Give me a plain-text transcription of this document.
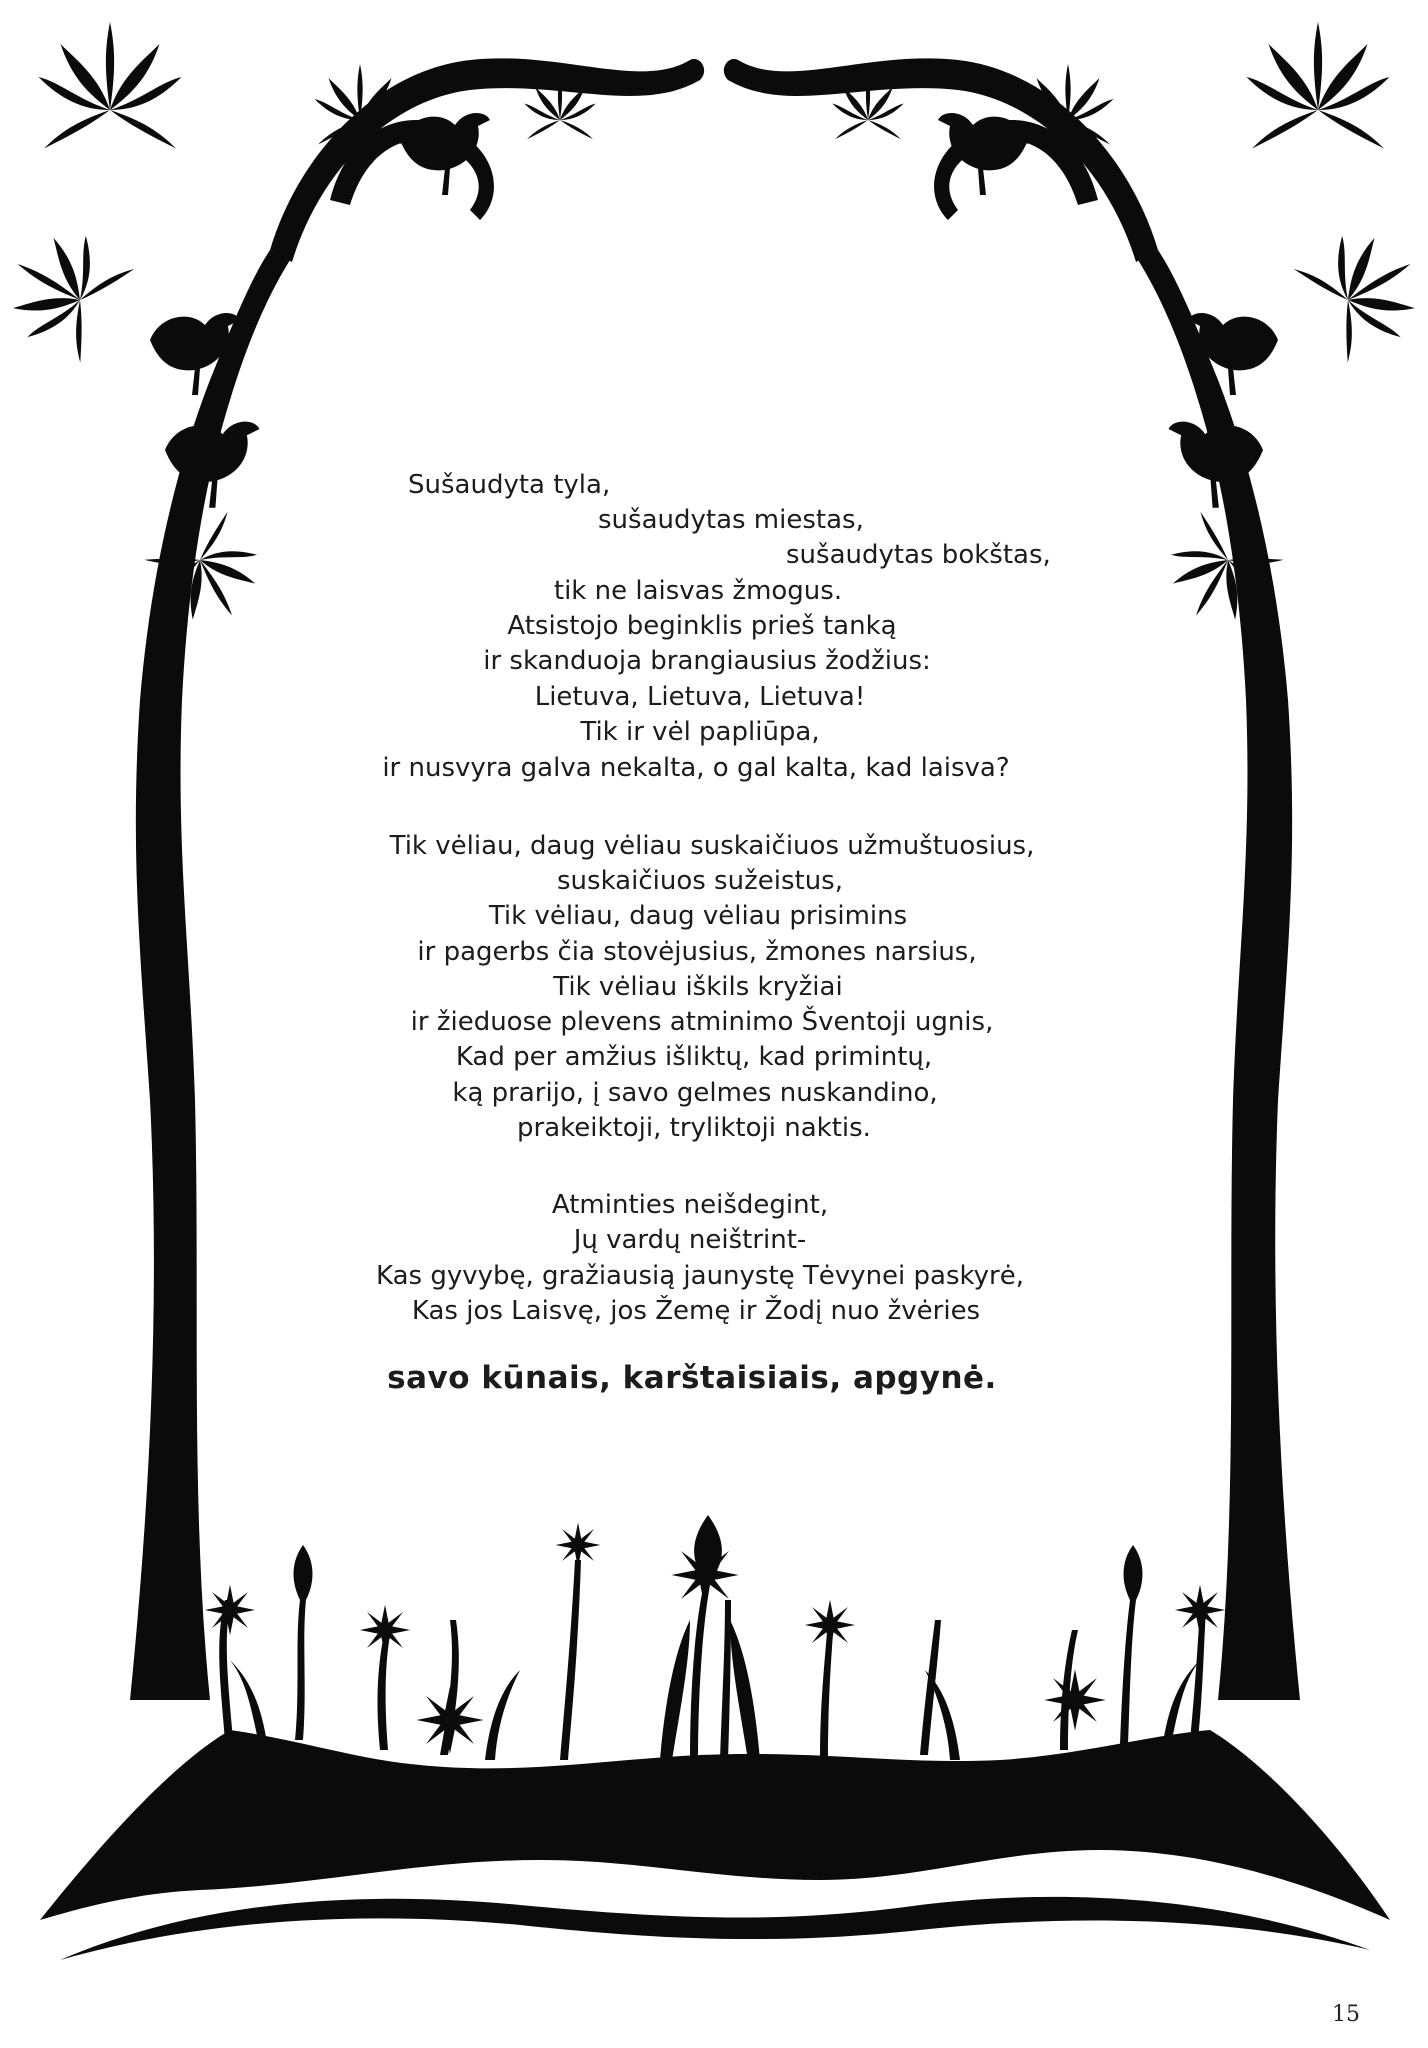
Sušaudyta tyla,
sušaudytas miestas,
sušaudytas bokštas,
tik ne laisvas žmogus.
Atsistojo beginklis prieš tanką
ir skanduoja brangiausius žodžius:
Lietuva, Lietuva, Lietuva!
Tik ir vėl papliūpa,
ir nusvyra galva nekalta, o gal kalta, kad laisva?
Tik vėliau, daug vėliau suskaičiuos užmuštuosius,
suskaičiuos sužeistus,
Tik vėliau, daug vėliau prisimins
ir pagerbs čia stovėjusius, žmones narsius,
Tik vėliau iškils kryžiai
ir žieduose plevens atminimo Šventoji ugnis,
Kad per amžius išliktų, kad primintų,
ką prarijo, į savo gelmes nuskandino,
prakeiktoji, tryliktoji naktis.
Atminties neišdegint,
Jų vardų neištrint-
Kas gyvybę, gražiausią jaunystę Tėvynei paskyrė,
Kas jos Laisvę, jos Žemę ir Žodį nuo žvėries
savo kūnais, karštaisiais, apgynė.
15
